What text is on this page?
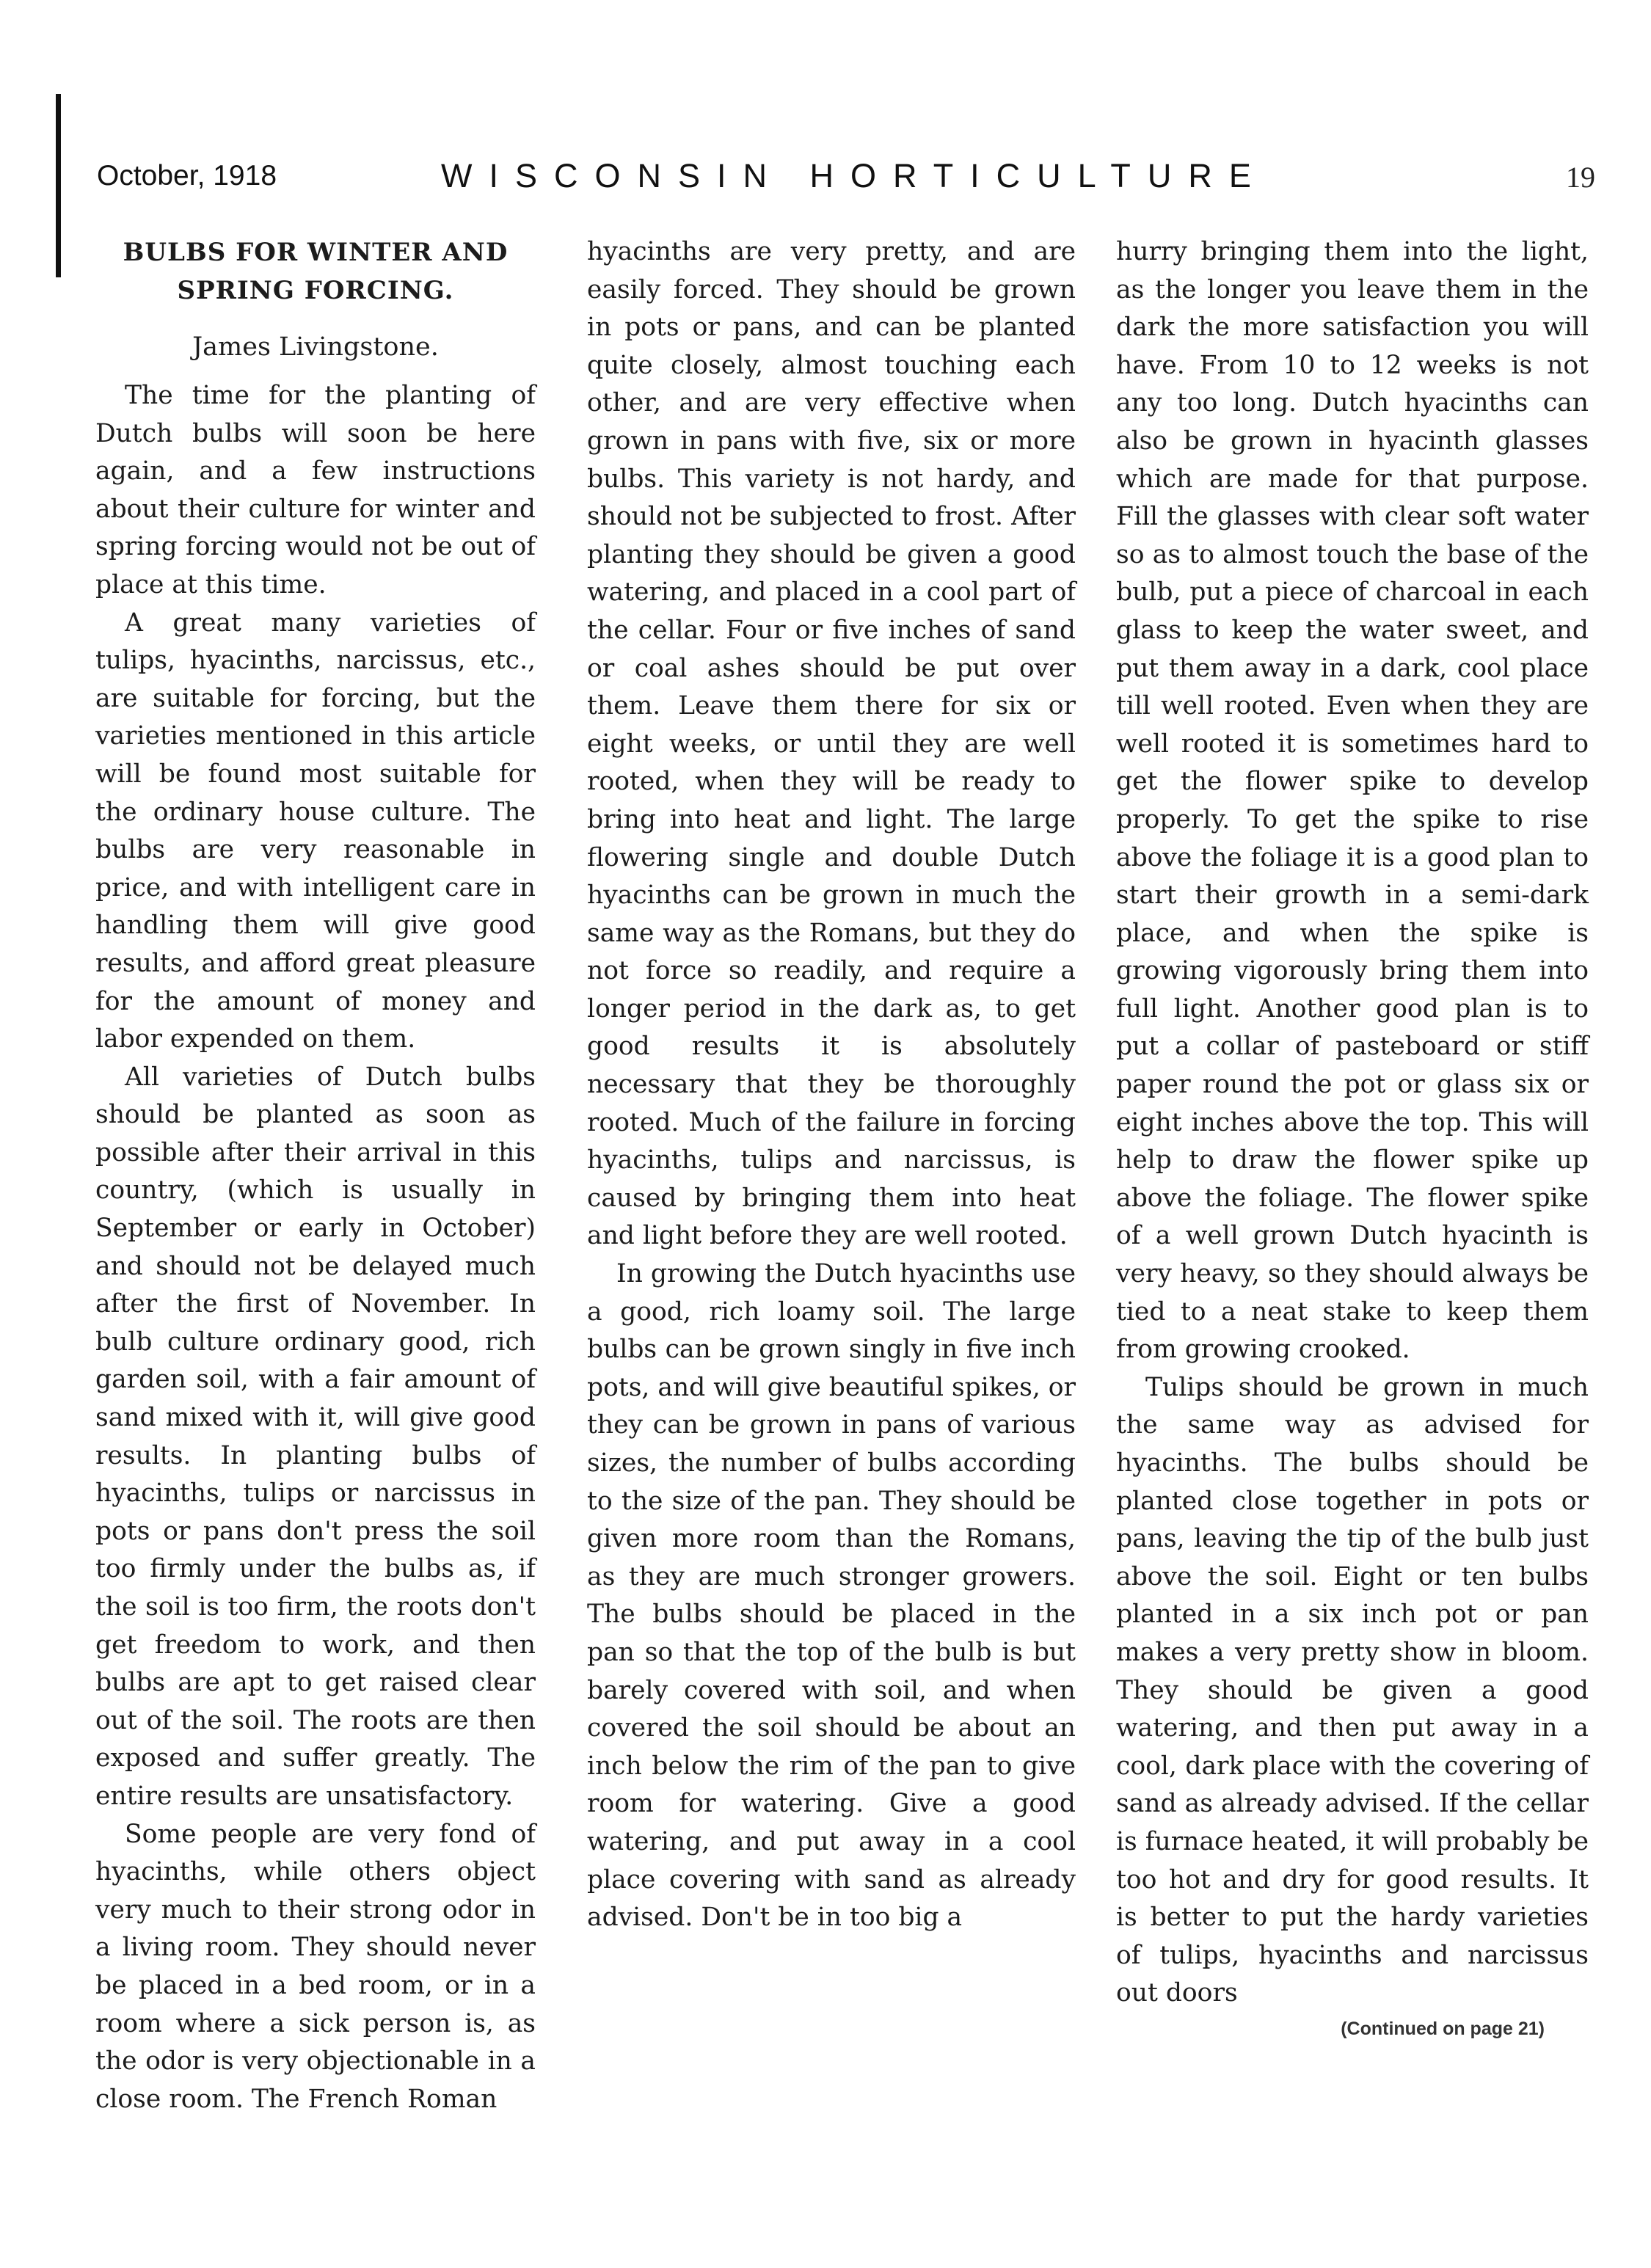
October, 1918	WISCONSIN HORTICULTURE	19
BULBS FOR WINTER AND
SPRING FORCING.
James Livingstone.

The time for the planting of Dutch bulbs will soon be here again, and a few instructions about their culture for winter and spring forcing would not be out of place at this time.

A great many varieties of tulips, hyacinths, narcissus, etc., are suitable for forcing, but the varieties mentioned in this article will be found most suitable for the ordinary house culture. The bulbs are very reasonable in price, and with intelligent care in handling them will give good results, and afford great pleasure for the amount of money and labor expended on them.

All varieties of Dutch bulbs should be planted as soon as possible after their arrival in this country, (which is usually in September or early in October) and should not be delayed much after the first of November. In bulb culture ordinary good, rich garden soil, with a fair amount of sand mixed with it, will give good results. In planting bulbs of hyacinths, tulips or narcissus in pots or pans don't press the soil too firmly under the bulbs as, if the soil is too firm, the roots don't get freedom to work, and then bulbs are apt to get raised clear out of the soil. The roots are then exposed and suffer greatly. The entire results are unsatisfactory.

Some people are very fond of hyacinths, while others object very much to their strong odor in a living room. They should never be placed in a bed room, or in a room where a sick person is, as the odor is very objectionable in a close room. The French Roman

hyacinths are very pretty, and are easily forced. They should be grown in pots or pans, and can be planted quite closely, almost touching each other, and are very effective when grown in pans with five, six or more bulbs. This variety is not hardy, and should not be subjected to frost. After planting they should be given a good watering, and placed in a cool part of the cellar. Four or five inches of sand or coal ashes should be put over them. Leave them there for six or eight weeks, or until they are well rooted, when they will be ready to bring into heat and light. The large flowering single and double Dutch hyacinths can be grown in much the same way as the Romans, but they do not force so readily, and require a longer period in the dark as, to get good results it is absolutely necessary that they be thoroughly rooted. Much of the failure in forcing hyacinths, tulips and narcissus, is caused by bringing them into heat and light before they are well rooted.

In growing the Dutch hyacinths use a good, rich loamy soil. The large bulbs can be grown singly in five inch pots, and will give beautiful spikes, or they can be grown in pans of various sizes, the number of bulbs according to the size of the pan. They should be given more room than the Romans, as they are much stronger growers. The bulbs should be placed in the pan so that the top of the bulb is but barely covered with soil, and when covered the soil should be about an inch below the rim of the pan to give room for watering. Give a good watering, and put away in a cool place covering with sand as already advised. Don't be in too big a

hurry bringing them into the light, as the longer you leave them in the dark the more satisfaction you will have. From 10 to 12 weeks is not any too long. Dutch hyacinths can also be grown in hyacinth glasses which are made for that purpose. Fill the glasses with clear soft water so as to almost touch the base of the bulb, put a piece of charcoal in each glass to keep the water sweet, and put them away in a dark, cool place till well rooted. Even when they are well rooted it is sometimes hard to get the flower spike to develop properly. To get the spike to rise above the foliage it is a good plan to start their growth in a semi-dark place, and when the spike is growing vigorously bring them into full light. Another good plan is to put a collar of pasteboard or stiff paper round the pot or glass six or eight inches above the top. This will help to draw the flower spike up above the foliage. The flower spike of a well grown Dutch hyacinth is very heavy, so they should always be tied to a neat stake to keep them from growing crooked.

Tulips should be grown in much the same way as advised for hyacinths. The bulbs should be planted close together in pots or pans, leaving the tip of the bulb just above the soil. Eight or ten bulbs planted in a six inch pot or pan makes a very pretty show in bloom. They should be given a good watering, and then put away in a cool, dark place with the covering of sand as already advised. If the cellar is furnace heated, it will probably be too hot and dry for good results. It is better to put the hardy varieties of tulips, hyacinths and narcissus out doors

(Continued on page 21)
